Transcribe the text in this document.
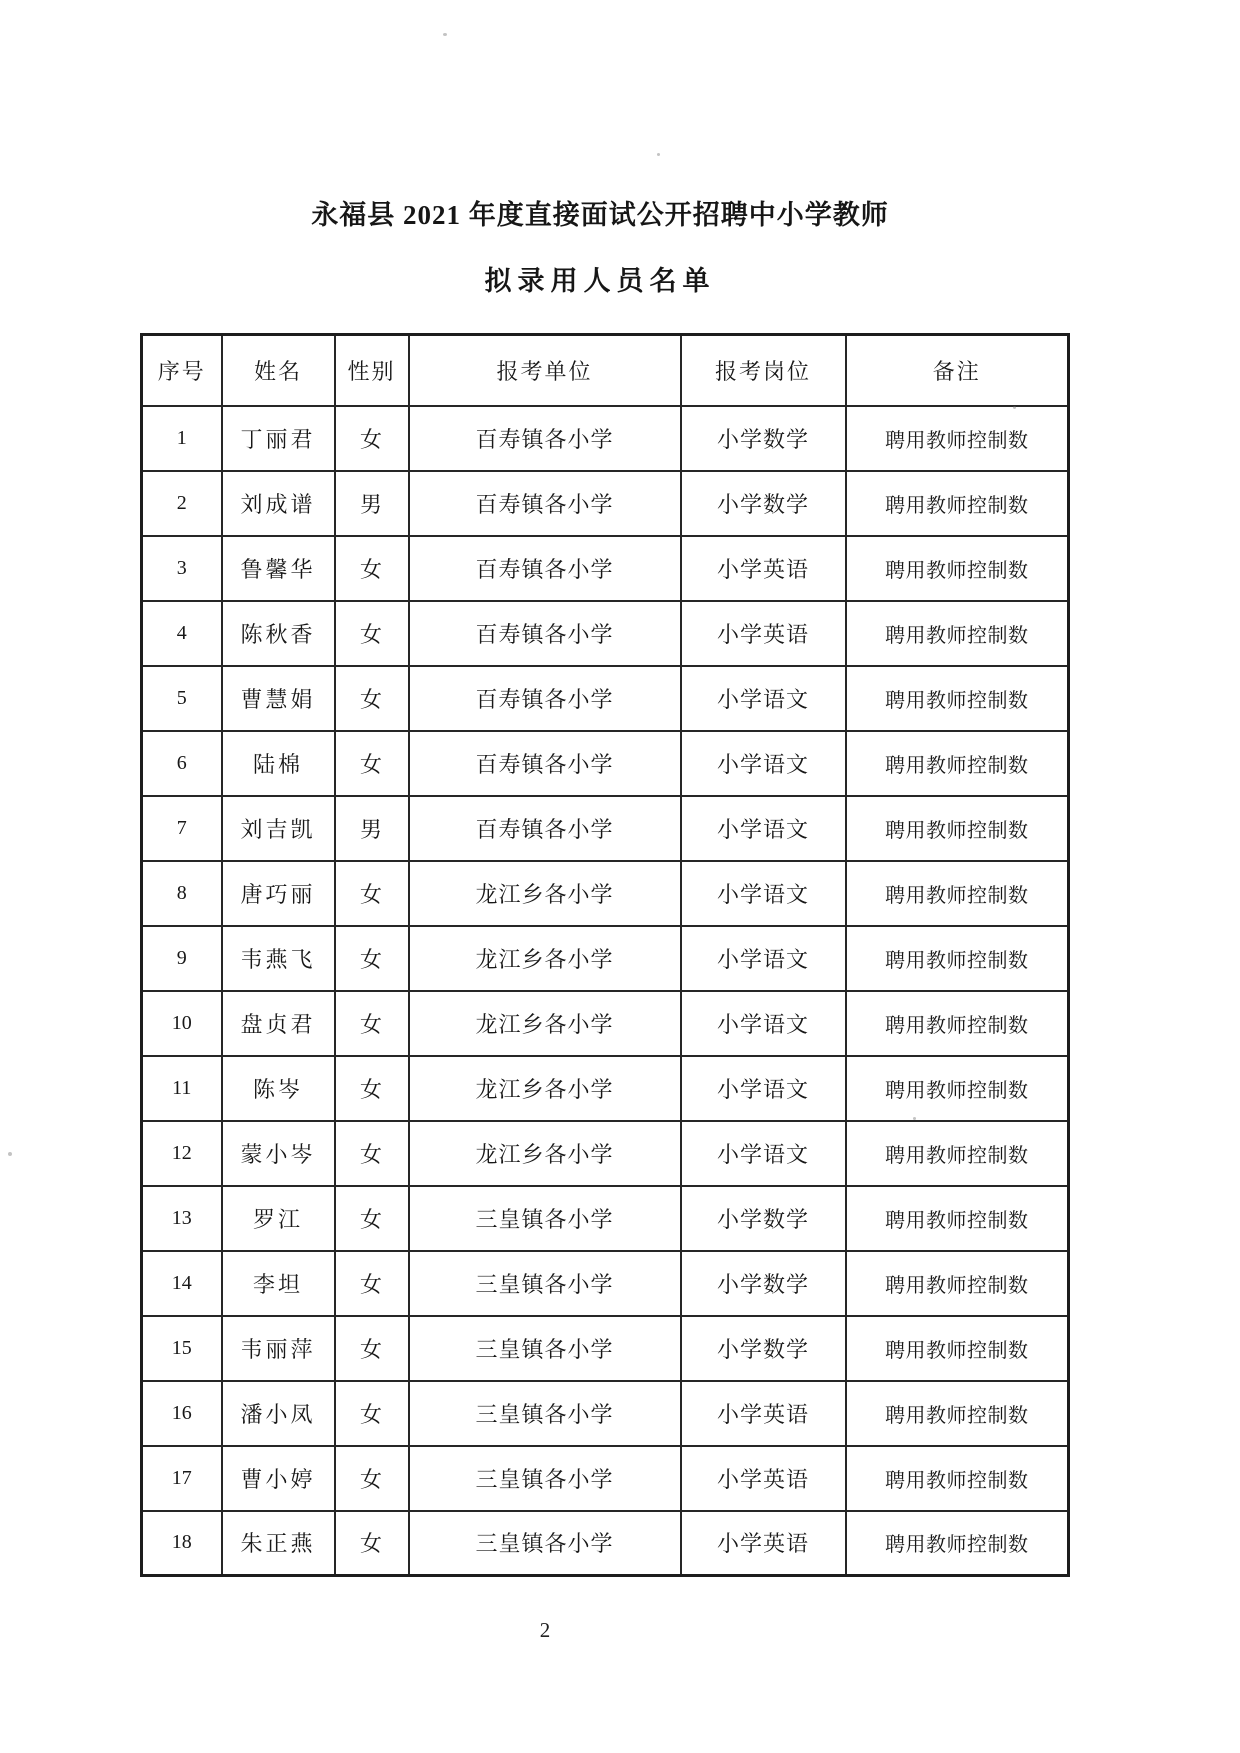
永福县 2021 年度直接面试公开招聘中小学教师
拟录用人员名单
序号	姓名	性别	报考单位	报考岗位	备注
1	丁丽君	女	百寿镇各小学	小学数学	聘用教师控制数
2	刘成谱	男	百寿镇各小学	小学数学	聘用教师控制数
3	鲁馨华	女	百寿镇各小学	小学英语	聘用教师控制数
4	陈秋香	女	百寿镇各小学	小学英语	聘用教师控制数
5	曹慧娟	女	百寿镇各小学	小学语文	聘用教师控制数
6	陆棉	女	百寿镇各小学	小学语文	聘用教师控制数
7	刘吉凯	男	百寿镇各小学	小学语文	聘用教师控制数
8	唐巧丽	女	龙江乡各小学	小学语文	聘用教师控制数
9	韦燕飞	女	龙江乡各小学	小学语文	聘用教师控制数
10	盘贞君	女	龙江乡各小学	小学语文	聘用教师控制数
11	陈岑	女	龙江乡各小学	小学语文	聘用教师控制数
12	蒙小岑	女	龙江乡各小学	小学语文	聘用教师控制数
13	罗江	女	三皇镇各小学	小学数学	聘用教师控制数
14	李坦	女	三皇镇各小学	小学数学	聘用教师控制数
15	韦丽萍	女	三皇镇各小学	小学数学	聘用教师控制数
16	潘小凤	女	三皇镇各小学	小学英语	聘用教师控制数
17	曹小婷	女	三皇镇各小学	小学英语	聘用教师控制数
18	朱正燕	女	三皇镇各小学	小学英语	聘用教师控制数
2
